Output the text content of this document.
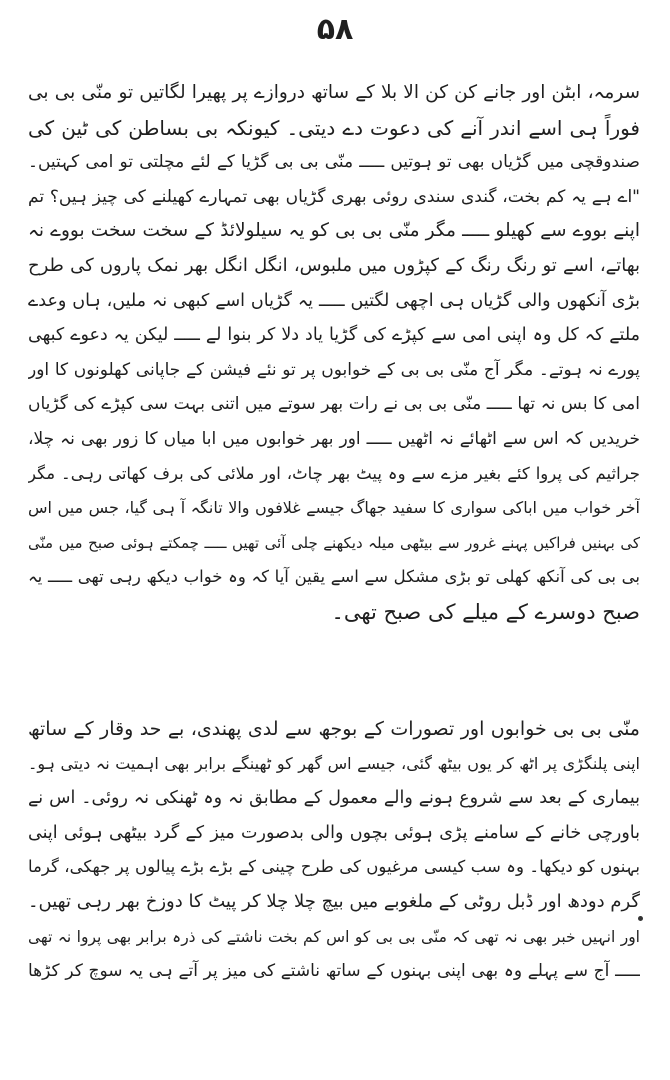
۵۸
سرمہ، ابٹن اور جانے کن کن الا بلا کے ساتھ دروازے پر پھیرا لگاتیں تو منّی بی بی
فوراً ہی اسے اندر آنے کی دعوت دے دیتی۔ کیونکہ بی بساطن کی ٹین کی
صندوقچی میں گڑیاں بھی تو ہوتیں ـــــ منّی بی بی گڑیا کے لئے مچلتی تو امی کہتیں۔
"اے ہے یہ کم بخت، گندی سندی روئی بھری گڑیاں بھی تمہارے کھیلنے کی چیز ہیں؟ تم
اپنے بووے سے کھیلو ـــــ مگر منّی بی بی کو یہ سیلولائڈ کے سخت سخت بووے نہ
بھاتے، اسے تو رنگ رنگ کے کپڑوں میں ملبوس، انگل انگل بھر نمک پاروں کی طرح
بڑی آنکھوں والی گڑیاں ہی اچھی لگتیں ـــــ یہ گڑیاں اسے کبھی نہ ملیں، ہاں وعدے
ملتے کہ کل وہ اپنی امی سے کپڑے کی گڑیا یاد دلا کر بنوا لے ـــــ لیکن یہ دعوے کبھی
پورے نہ ہوتے۔ مگر آج منّی بی بی کے خوابوں پر تو نئے فیشن کے جاپانی کھلونوں کا اور
امی کا بس نہ تھا ـــــ منّی بی بی نے رات بھر سوتے میں اتنی بہت سی کپڑے کی گڑیاں
خریدیں کہ اس سے اٹھائے نہ اٹھیں ـــــ اور بھر خوابوں میں ابا میاں کا زور بھی نہ چلا،
جراثیم کی پروا کئے بغیر مزے سے وہ پیٹ بھر چاٹ، اور ملائی کی برف کھاتی رہی۔ مگر
آخر خواب میں اباکی سواری کا سفید جھاگ جیسے غلافوں والا تانگہ آ ہی گیا، جس میں اس
کی بہنیں فراکیں پہنے غرور سے بیٹھی میلہ دیکھنے چلی آئی تھیں ـــــ چمکتے ہوئی صبح میں منّی
بی بی کی آنکھ کھلی تو بڑی مشکل سے اسے یقین آیا کہ وہ خواب دیکھ رہی تھی ـــــ یہ
صبح دوسرے کے میلے کی صبح تھی۔
منّی بی بی خوابوں اور تصورات کے بوجھ سے لدی پھندی، بے حد وقار کے ساتھ
اپنی پلنگڑی پر اٹھ کر یوں بیٹھ گئی، جیسے اس گھر کو ٹھینگے برابر بھی اہمیت نہ دیتی ہو۔
بیماری کے بعد سے شروع ہونے والے معمول کے مطابق نہ وہ ٹھنکی نہ روئی۔ اس نے
باورچی خانے کے سامنے پڑی ہوئی بچوں والی بدصورت میز کے گرد بیٹھی ہوئی اپنی
بہنوں کو دیکھا۔ وہ سب کیسی مرغیوں کی طرح چینی کے بڑے بڑے پیالوں پر جھکی، گرما
گرم دودھ اور ڈبل روٹی کے ملغوبے میں بیچ چلا چلا کر پیٹ کا دوزخ بھر رہی تھیں۔
اور انہیں خبر بھی نہ تھی کہ منّی بی بی کو اس کم بخت ناشتے کی ذرہ برابر بھی پروا نہ تھی
ـــــ آج سے پہلے وہ بھی اپنی بہنوں کے ساتھ ناشتے کی میز پر آتے ہی یہ سوچ کر کڑھا
